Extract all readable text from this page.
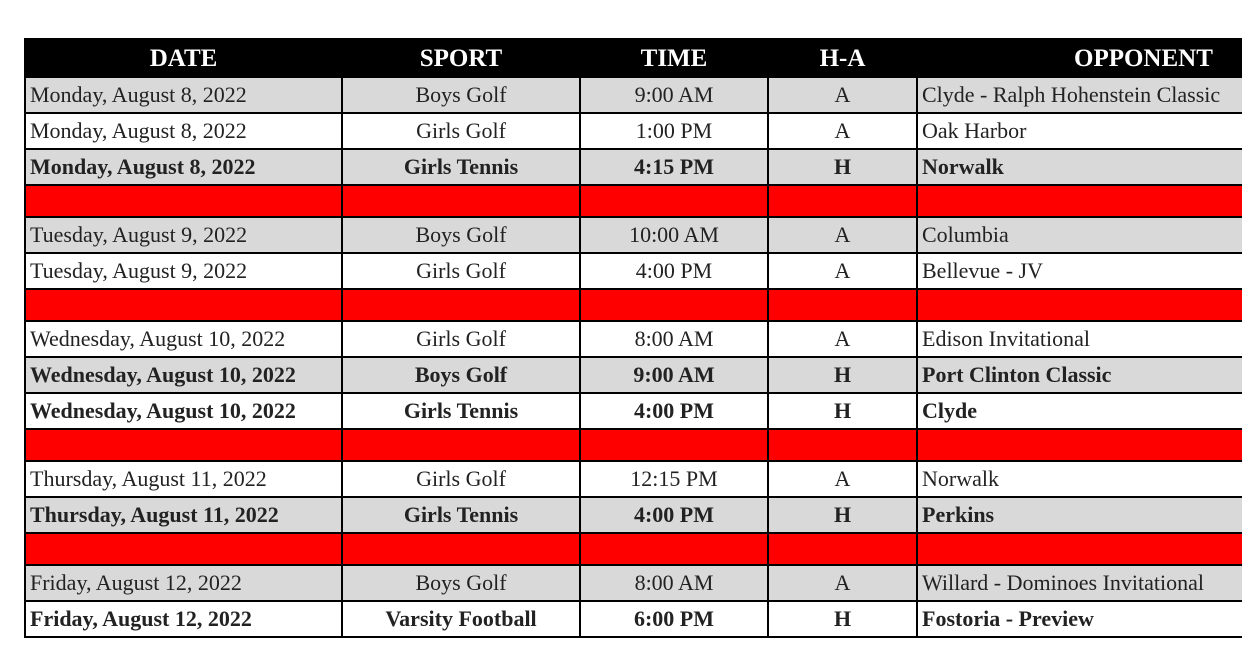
DATE	SPORT	TIME	H-A	OPPONENT
Monday, August 8, 2022	Boys Golf	9:00 AM	A	Clyde - Ralph Hohenstein Classic
Monday, August 8, 2022	Girls Golf	1:00 PM	A	Oak Harbor
Monday, August 8, 2022	Girls Tennis	4:15 PM	H	Norwalk

Tuesday, August 9, 2022	Boys Golf	10:00 AM	A	Columbia
Tuesday, August 9, 2022	Girls Golf	4:00 PM	A	Bellevue - JV

Wednesday, August 10, 2022	Girls Golf	8:00 AM	A	Edison Invitational
Wednesday, August 10, 2022	Boys Golf	9:00 AM	H	Port Clinton Classic
Wednesday, August 10, 2022	Girls Tennis	4:00 PM	H	Clyde

Thursday, August 11, 2022	Girls Golf	12:15 PM	A	Norwalk
Thursday, August 11, 2022	Girls Tennis	4:00 PM	H	Perkins

Friday, August 12, 2022	Boys Golf	8:00 AM	A	Willard - Dominoes Invitational
Friday, August 12, 2022	Varsity Football	6:00 PM	H	Fostoria - Preview
